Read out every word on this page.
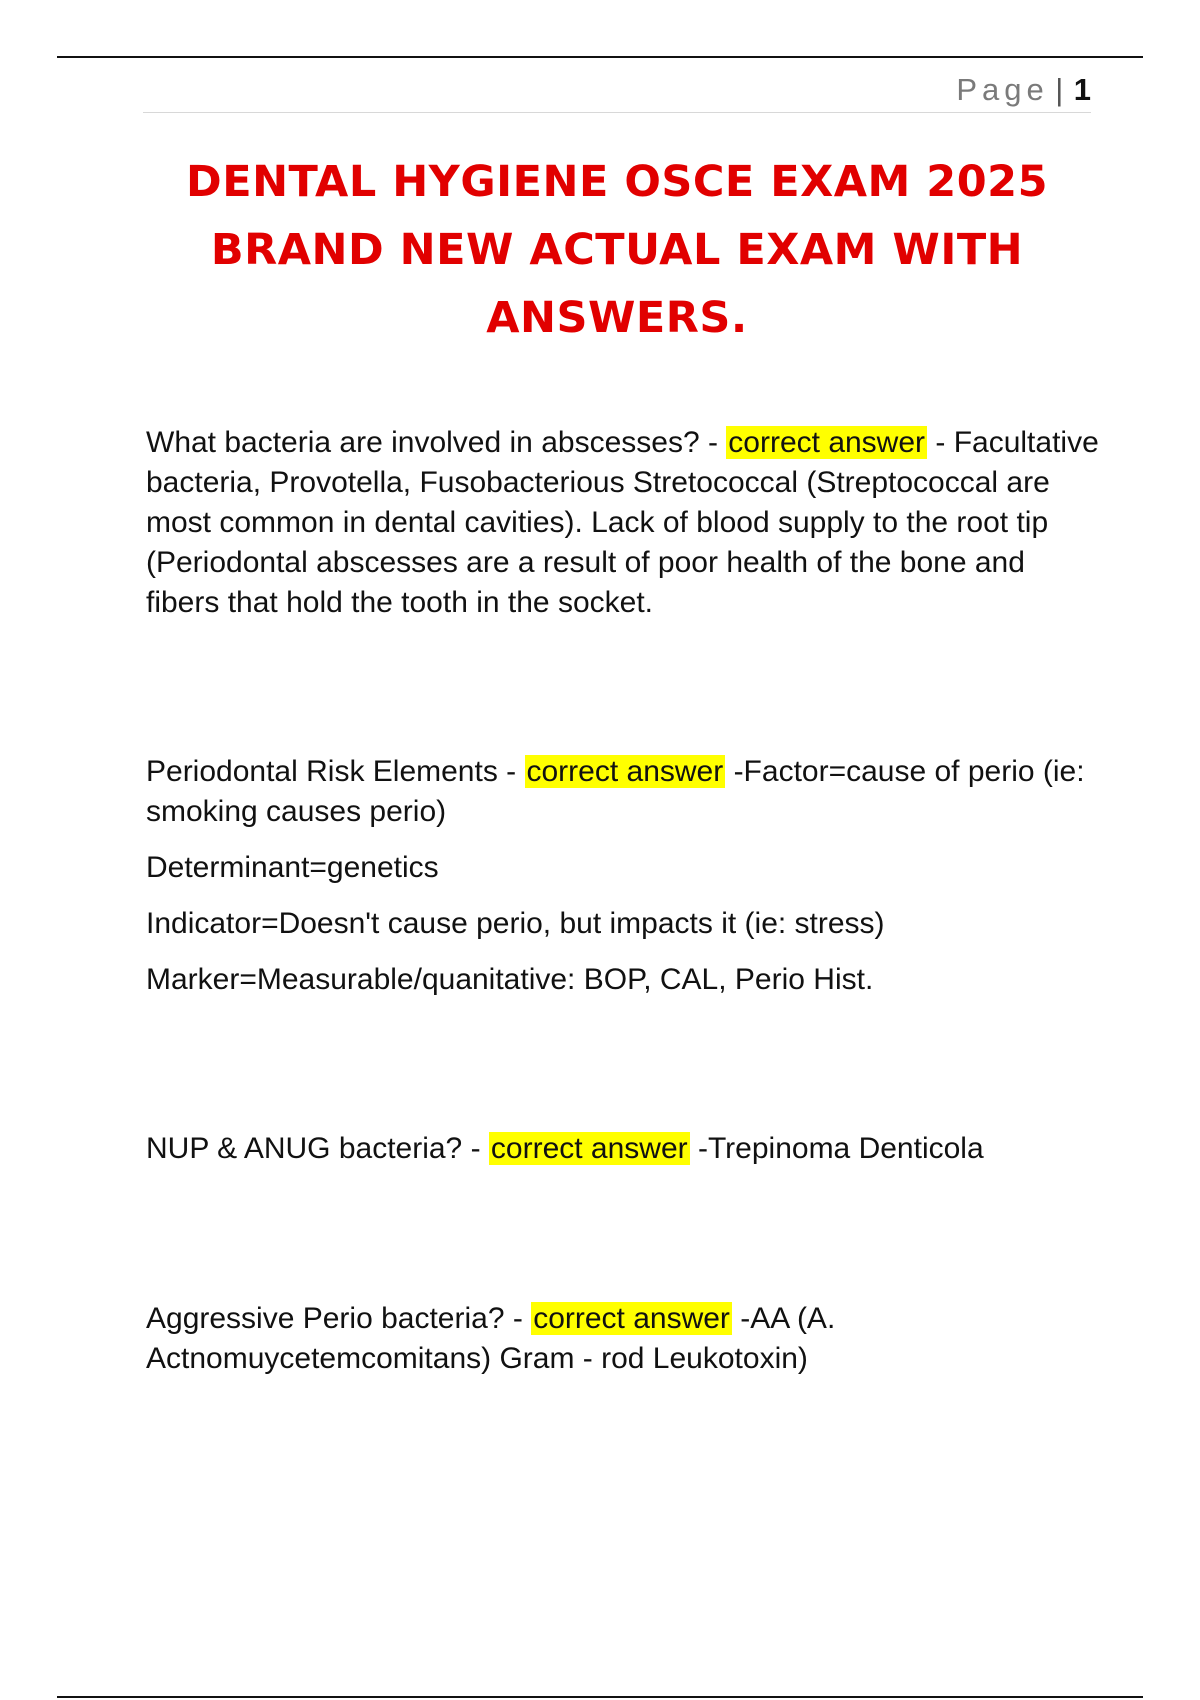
Page | 1
DENTAL HYGIENE OSCE EXAM 2025
BRAND NEW ACTUAL EXAM WITH
ANSWERS.

What bacteria are involved in abscesses? - correct answer - Facultative bacteria, Provotella, Fusobacterious Stretococcal (Streptococcal are most common in dental cavities). Lack of blood supply to the root tip (Periodontal abscesses are a result of poor health of the bone and fibers that hold the tooth in the socket.

Periodontal Risk Elements - correct answer -Factor=cause of perio (ie: smoking causes perio)

Determinant=genetics

Indicator=Doesn't cause perio, but impacts it (ie: stress)

Marker=Measurable/quanitative: BOP, CAL, Perio Hist.

NUP & ANUG bacteria? - correct answer -Trepinoma Denticola

Aggressive Perio bacteria? - correct answer -AA (A. Actnomuycetemcomitans) Gram - rod Leukotoxin)
